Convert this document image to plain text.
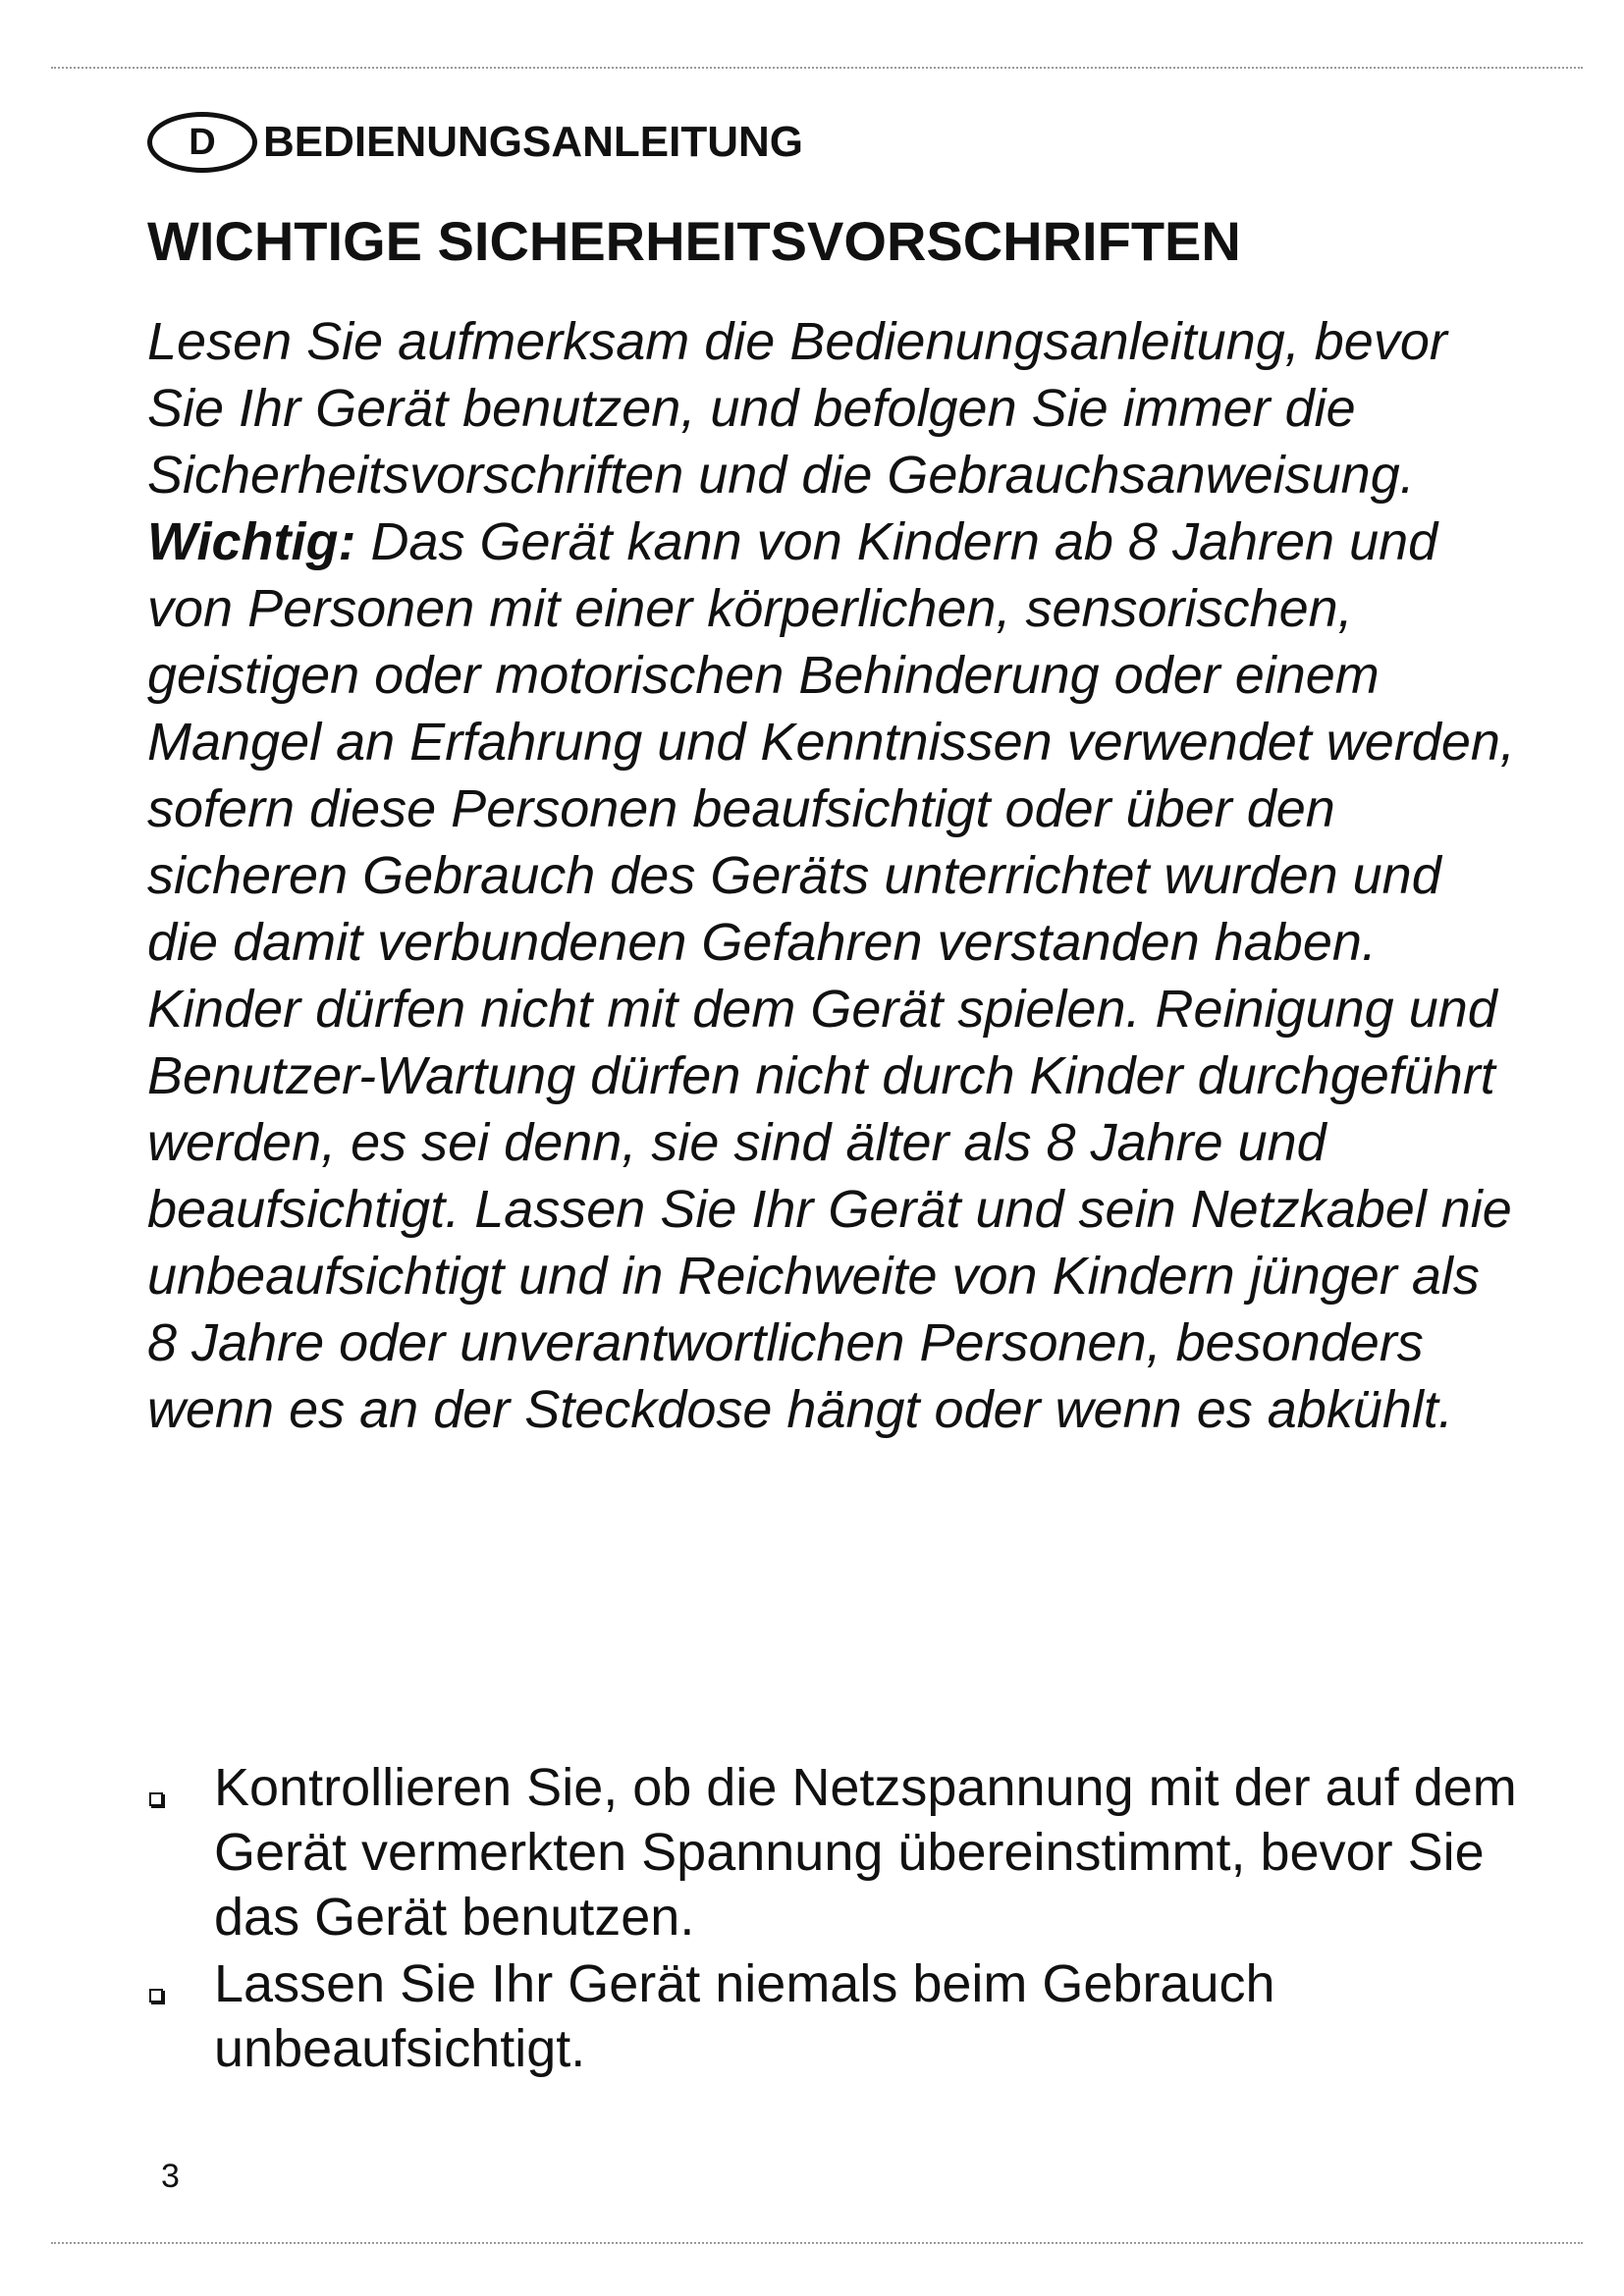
D BEDIENUNGSANLEITUNG
WICHTIGE SICHERHEITSVORSCHRIFTEN

Lesen Sie aufmerksam die Bedienungsanleitung, bevor Sie Ihr Gerät benutzen, und befolgen Sie immer die Sicherheitsvorschriften und die Gebrauchsanweisung.
Wichtig: Das Gerät kann von Kindern ab 8 Jahren und von Personen mit einer körperlichen, sensorischen, geistigen oder motorischen Behinderung oder einem Mangel an Erfahrung und Kenntnissen verwendet werden, sofern diese Personen beaufsichtigt oder über den sicheren Gebrauch des Geräts unterrichtet wurden und die damit verbundenen Gefahren verstanden haben. Kinder dürfen nicht mit dem Gerät spielen. Reinigung und Benutzer-Wartung dürfen nicht durch Kinder durchgeführt werden, es sei denn, sie sind älter als 8 Jahre und beaufsichtigt. Lassen Sie Ihr Gerät und sein Netzkabel nie unbeaufsichtigt und in Reichweite von Kindern jünger als 8 Jahre oder unverantwortlichen Personen, besonders wenn es an der Steckdose hängt oder wenn es abkühlt.

Kontrollieren Sie, ob die Netzspannung mit der auf dem Gerät vermerkten Spannung übereinstimmt, bevor Sie das Gerät benutzen.
Lassen Sie Ihr Gerät niemals beim Gebrauch unbeaufsichtigt.
3
